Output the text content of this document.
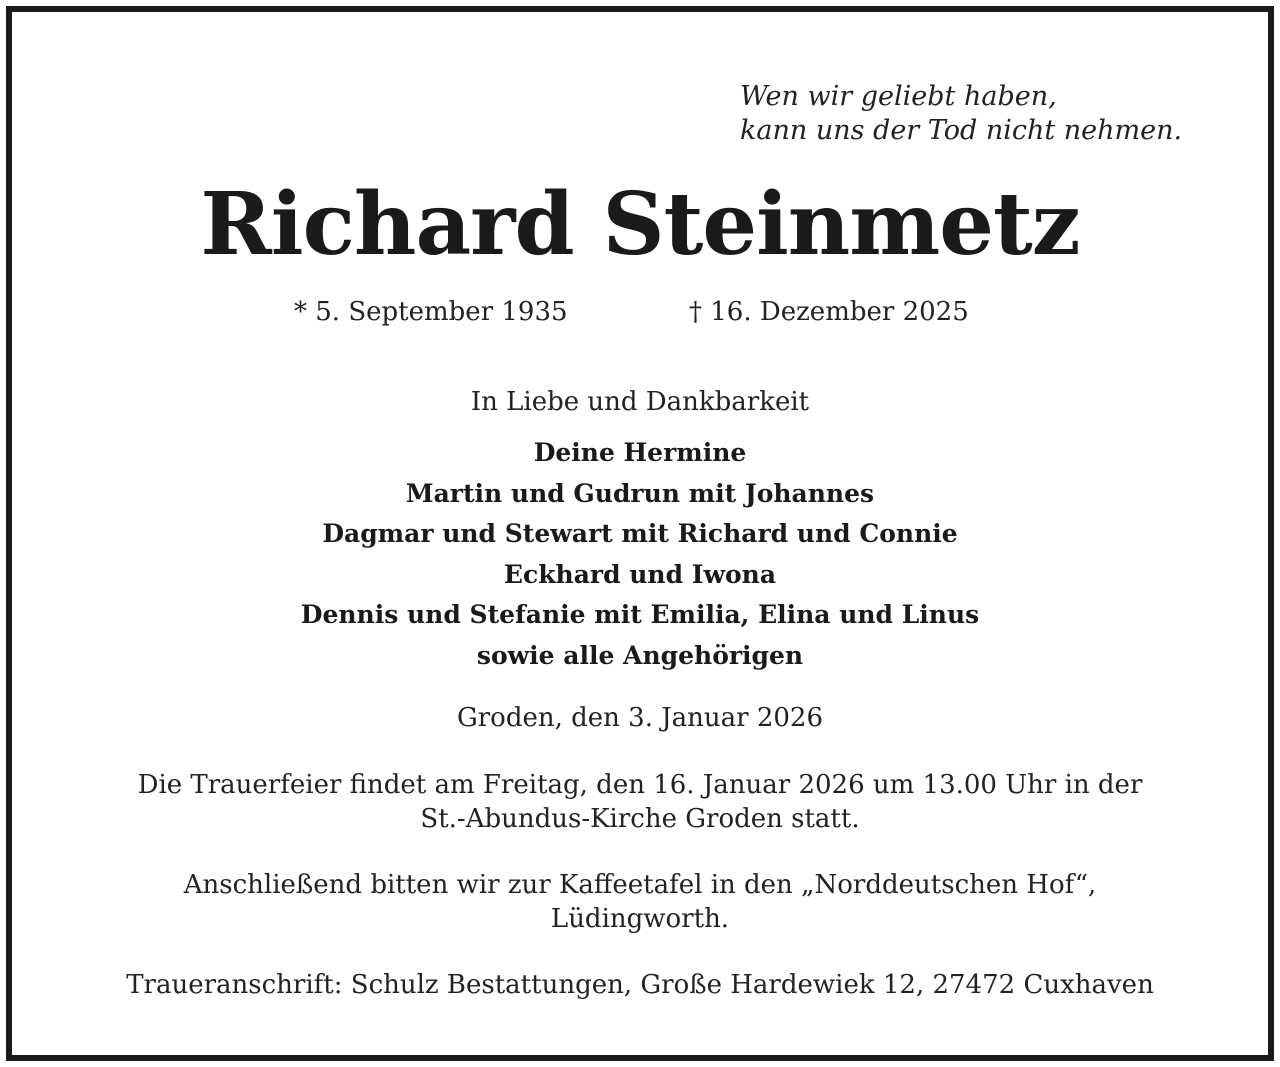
Wen wir geliebt haben,
kann uns der Tod nicht nehmen.
Richard Steinmetz
* 5. September 1935	† 16. Dezember 2025
In Liebe und Dankbarkeit
Deine Hermine
Martin und Gudrun mit Johannes
Dagmar und Stewart mit Richard und Connie
Eckhard und Iwona
Dennis und Stefanie mit Emilia, Elina und Linus
sowie alle Angehörigen
Groden, den 3. Januar 2026
Die Trauerfeier findet am Freitag, den 16. Januar 2026 um 13.00 Uhr in der
St.-Abundus-Kirche Groden statt.
Anschließend bitten wir zur Kaffeetafel in den „Norddeutschen Hof“,
Lüdingworth.
Traueranschrift: Schulz Bestattungen, Große Hardewiek 12, 27472 Cuxhaven
